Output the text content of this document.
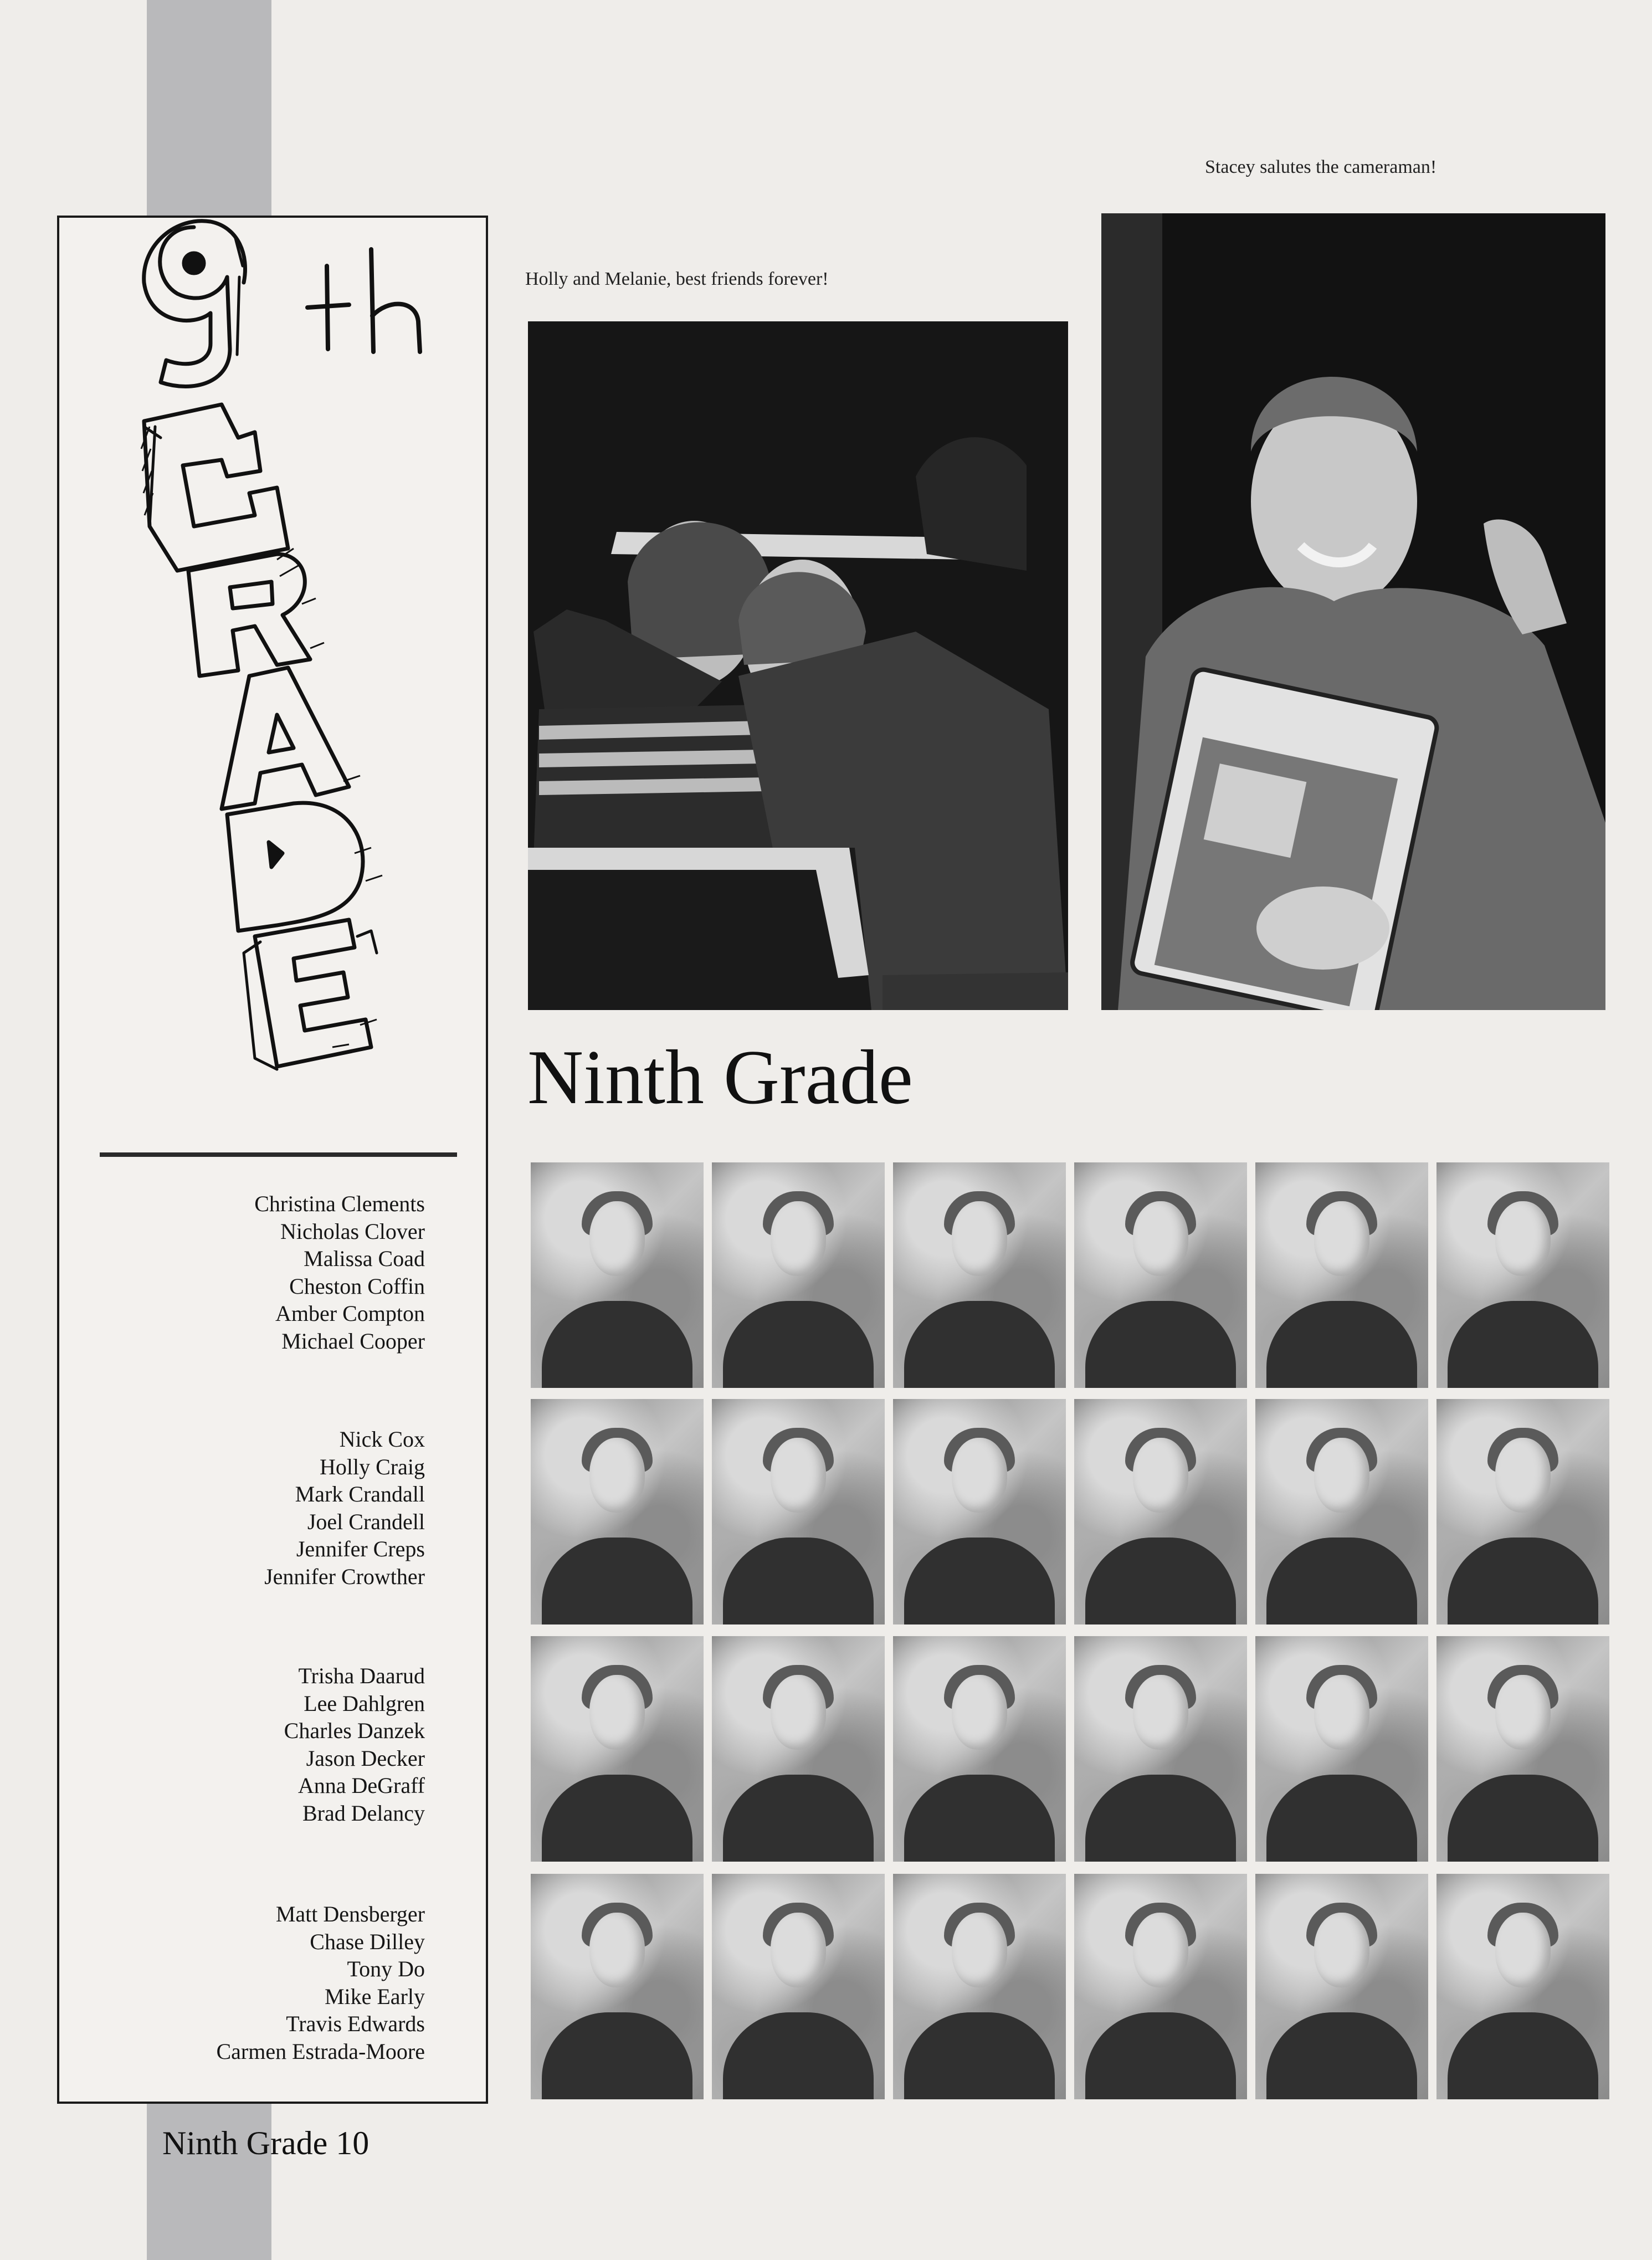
Christina Clements
Nicholas Clover
Malissa Coad
Cheston Coffin
Amber Compton
Michael Cooper
Nick Cox
Holly Craig
Mark Crandall
Joel Crandell
Jennifer Creps
Jennifer Crowther
Trisha Daarud
Lee Dahlgren
Charles Danzek
Jason Decker
Anna DeGraff
Brad Delancy
Matt Densberger
Chase Dilley
Tony Do
Mike Early
Travis Edwards
Carmen Estrada-Moore
Holly and Melanie, best friends forever!
Stacey salutes the cameraman!
Ninth Grade
Ninth Grade 10
